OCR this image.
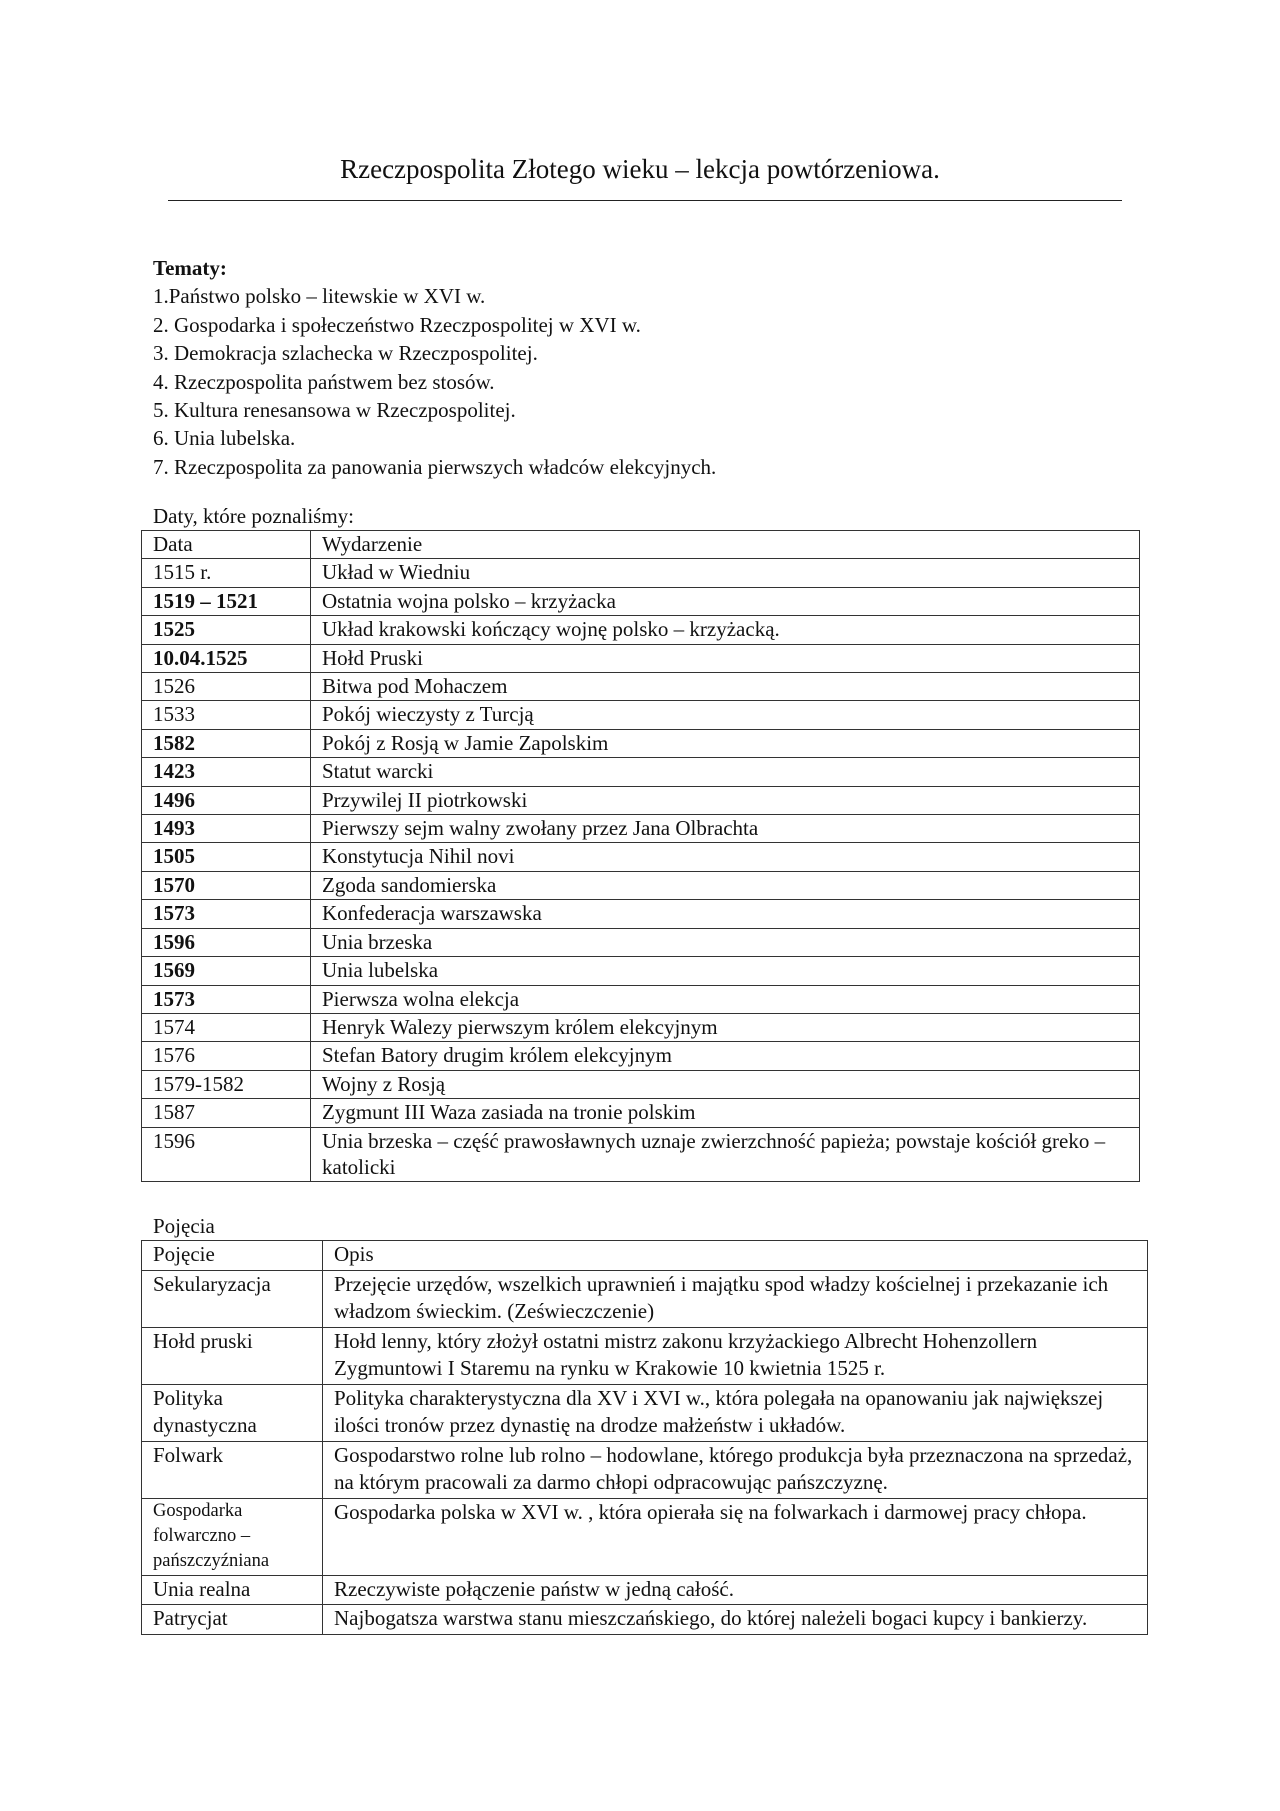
Rzeczpospolita Złotego wieku – lekcja powtórzeniowa.
Tematy:
1.Państwo polsko – litewskie w XVI w.
2. Gospodarka i społeczeństwo Rzeczpospolitej w XVI w.
3. Demokracja szlachecka w Rzeczpospolitej.
4. Rzeczpospolita państwem bez stosów.
5. Kultura renesansowa w Rzeczpospolitej.
6. Unia lubelska.
7. Rzeczpospolita za panowania pierwszych władców elekcyjnych.
Daty, które poznaliśmy:
Data	Wydarzenie
1515 r.	Układ w Wiedniu
1519 – 1521	Ostatnia wojna polsko – krzyżacka
1525	Układ krakowski kończący wojnę polsko – krzyżacką.
10.04.1525	Hołd Pruski
1526	Bitwa pod Mohaczem
1533	Pokój wieczysty z Turcją
1582	Pokój z Rosją w Jamie Zapolskim
1423	Statut warcki
1496	Przywilej II piotrkowski
1493	Pierwszy sejm walny zwołany przez Jana Olbrachta
1505	Konstytucja Nihil novi
1570	Zgoda sandomierska
1573	Konfederacja warszawska
1596	Unia brzeska
1569	Unia lubelska
1573	Pierwsza wolna elekcja
1574	Henryk Walezy pierwszym królem elekcyjnym
1576	Stefan Batory drugim królem elekcyjnym
1579-1582	Wojny z Rosją
1587	Zygmunt III Waza zasiada na tronie polskim
1596	Unia brzeska – część prawosławnych uznaje zwierzchność papieża; powstaje kościół greko – katolicki
Pojęcia
Pojęcie	Opis
Sekularyzacja	Przejęcie urzędów, wszelkich uprawnień i majątku spod władzy kościelnej i przekazanie ich władzom świeckim. (Ześwieczczenie)
Hołd pruski	Hołd lenny, który złożył ostatni mistrz zakonu krzyżackiego Albrecht Hohenzollern Zygmuntowi I Staremu na rynku w Krakowie 10 kwietnia 1525 r.
Polityka dynastyczna	Polityka charakterystyczna dla XV i XVI w., która polegała na opanowaniu jak największej ilości tronów przez dynastię na drodze małżeństw i układów.
Folwark	Gospodarstwo rolne lub rolno – hodowlane, którego produkcja była przeznaczona na sprzedaż, na którym pracowali za darmo chłopi odpracowując pańszczyznę.
Gospodarka folwarczno – pańszczyźniana	Gospodarka polska w XVI w. , która opierała się na folwarkach i darmowej pracy chłopa.
Unia realna	Rzeczywiste połączenie państw w jedną całość.
Patrycjat	Najbogatsza warstwa stanu mieszczańskiego, do której należeli bogaci kupcy i bankierzy.
